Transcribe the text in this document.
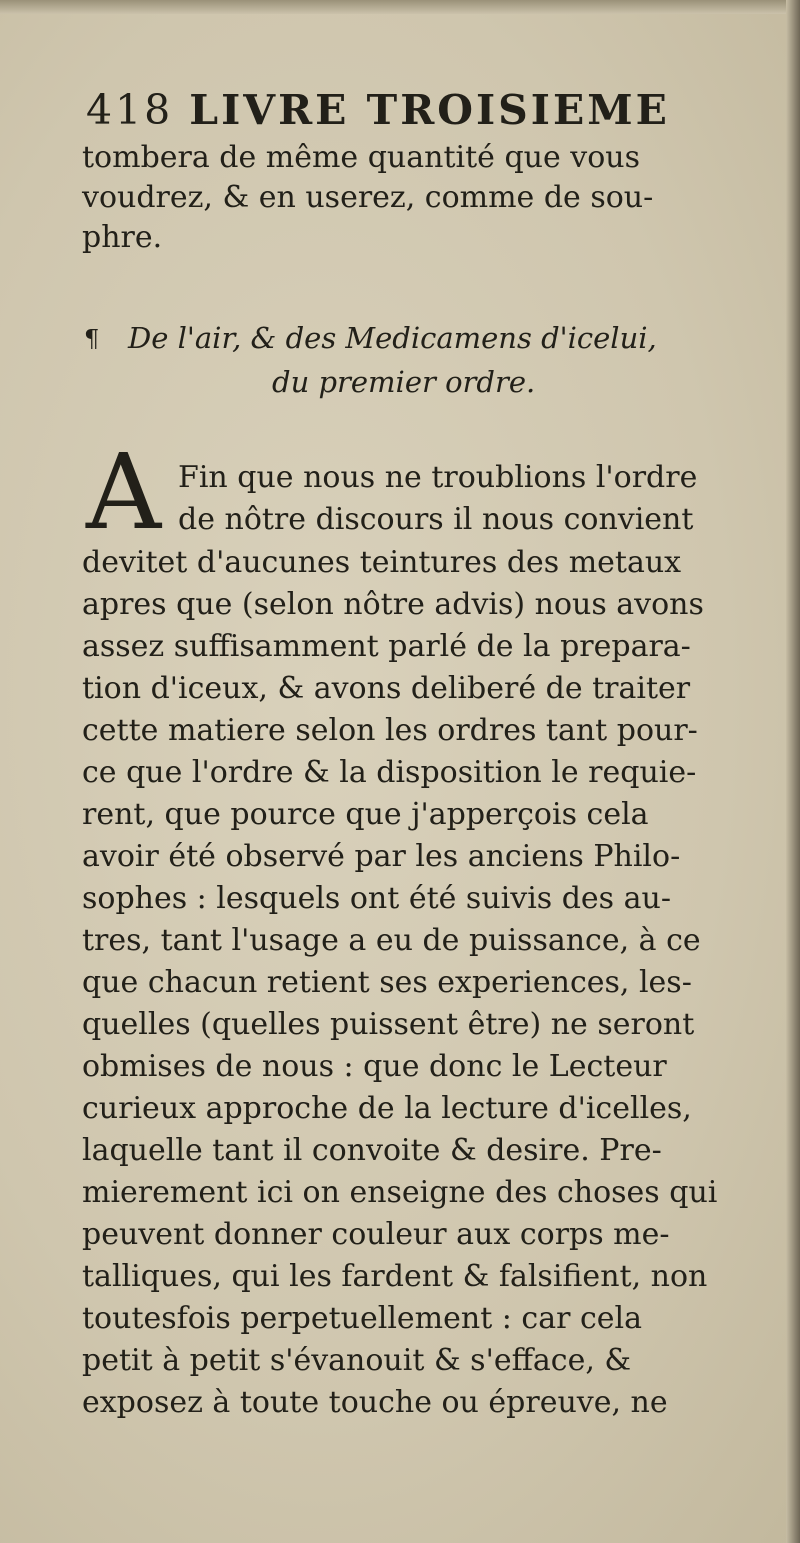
418 LIVRE TROISIEME
tombera de même quantité que vous
voudrez, & en userez, comme de sou-
phre.
¶ De l'air, & des Medicamens d'icelui,
du premier ordre.
A Fin que nous ne troublions l'ordre
de nôtre discours il nous convient
devitet d'aucunes teintures des metaux
apres que (selon nôtre advis) nous avons
assez suffisamment parlé de la prepara-
tion d'iceux, & avons deliberé de traiter
cette matiere selon les ordres tant pour-
ce que l'ordre & la disposition le requie-
rent, que pource que j'apperçois cela
avoir été observé par les anciens Philo-
sophes : lesquels ont été suivis des au-
tres, tant l'usage a eu de puissance, à ce
que chacun retient ses experiences, les-
quelles (quelles puissent être) ne seront
obmises de nous : que donc le Lecteur
curieux approche de la lecture d'icelles,
laquelle tant il convoite & desire. Pre-
mierement ici on enseigne des choses qui
peuvent donner couleur aux corps me-
talliques, qui les fardent & falsifient, non
toutesfois perpetuellement : car cela
petit à petit s'évanouit & s'efface, &
exposez à toute touche ou épreuve, ne
